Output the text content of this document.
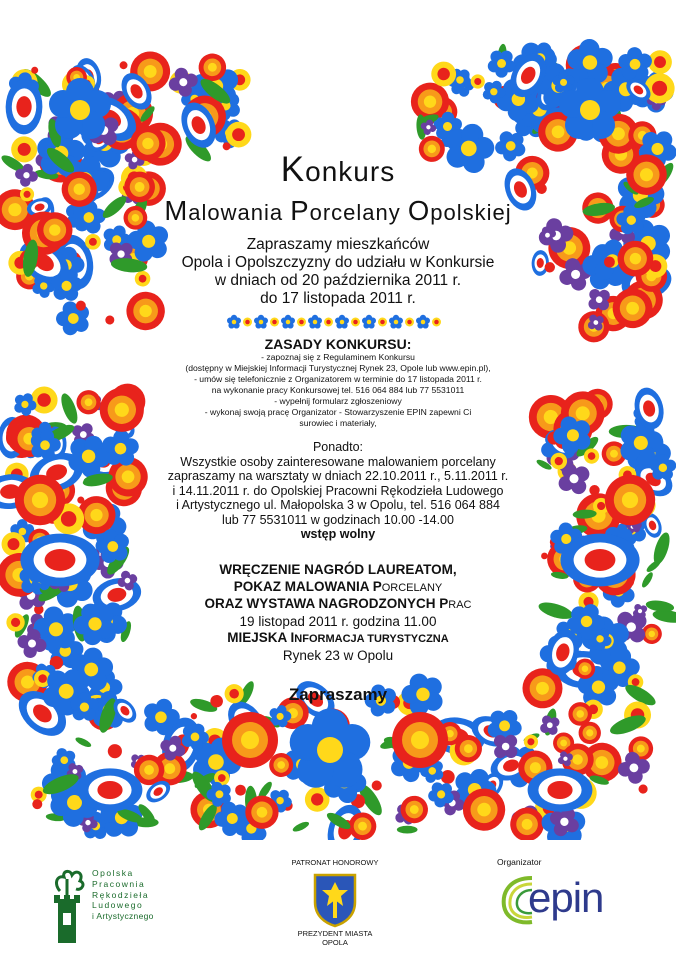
Konkurs
Malowania Porcelany Opolskiej
Zapraszamy mieszkańców
Opola i Opolszczyzny do udziału w Konkursie
w dniach od 20 października 2011 r.
do 17 listopada 2011 r.
ZASADY KONKURSU:
- zapoznaj się z Regulaminem Konkursu
(dostępny w Miejskiej Informacji Turystycznej Rynek 23, Opole lub www.epin.pl),
- umów się telefonicznie z Organizatorem w terminie do 17 listopada 2011 r.
na wykonanie pracy Konkursowej tel. 516 064 884 lub 77 5531011
- wypełnij formularz zgłoszeniowy
- wykonaj swoją pracę Organizator - Stowarzyszenie EPIN zapewni Ci
surowiec i materiały,
Ponadto:
Wszystkie osoby zainteresowane malowaniem porcelany
zapraszamy na warsztaty w dniach 22.10.2011 r., 5.11.2011 r.
i 14.11.2011 r. do Opolskiej Pracowni Rękodzieła Ludowego
i Artystycznego ul. Małopolska 3 w Opolu, tel. 516 064 884
lub 77 5531011 w godzinach 10.00 -14.00
wstęp wolny
WRĘCZENIE NAGRÓD LAUREATOM,
POKAZ MALOWANIA PORCELANY
ORAZ WYSTAWA NAGRODZONYCH PRAC
19 listopad 2011 r. godzina 11.00
MIEJSKA INFORMACJA TURYSTYCZNA
Rynek 23 w Opolu
Zapraszamy
Opolska
Pracownia
Rękodzieła
Ludowego
i Artystycznego
PATRONAT HONOROWY
PREZYDENT MIASTA
OPOLA
Organizator
epin
